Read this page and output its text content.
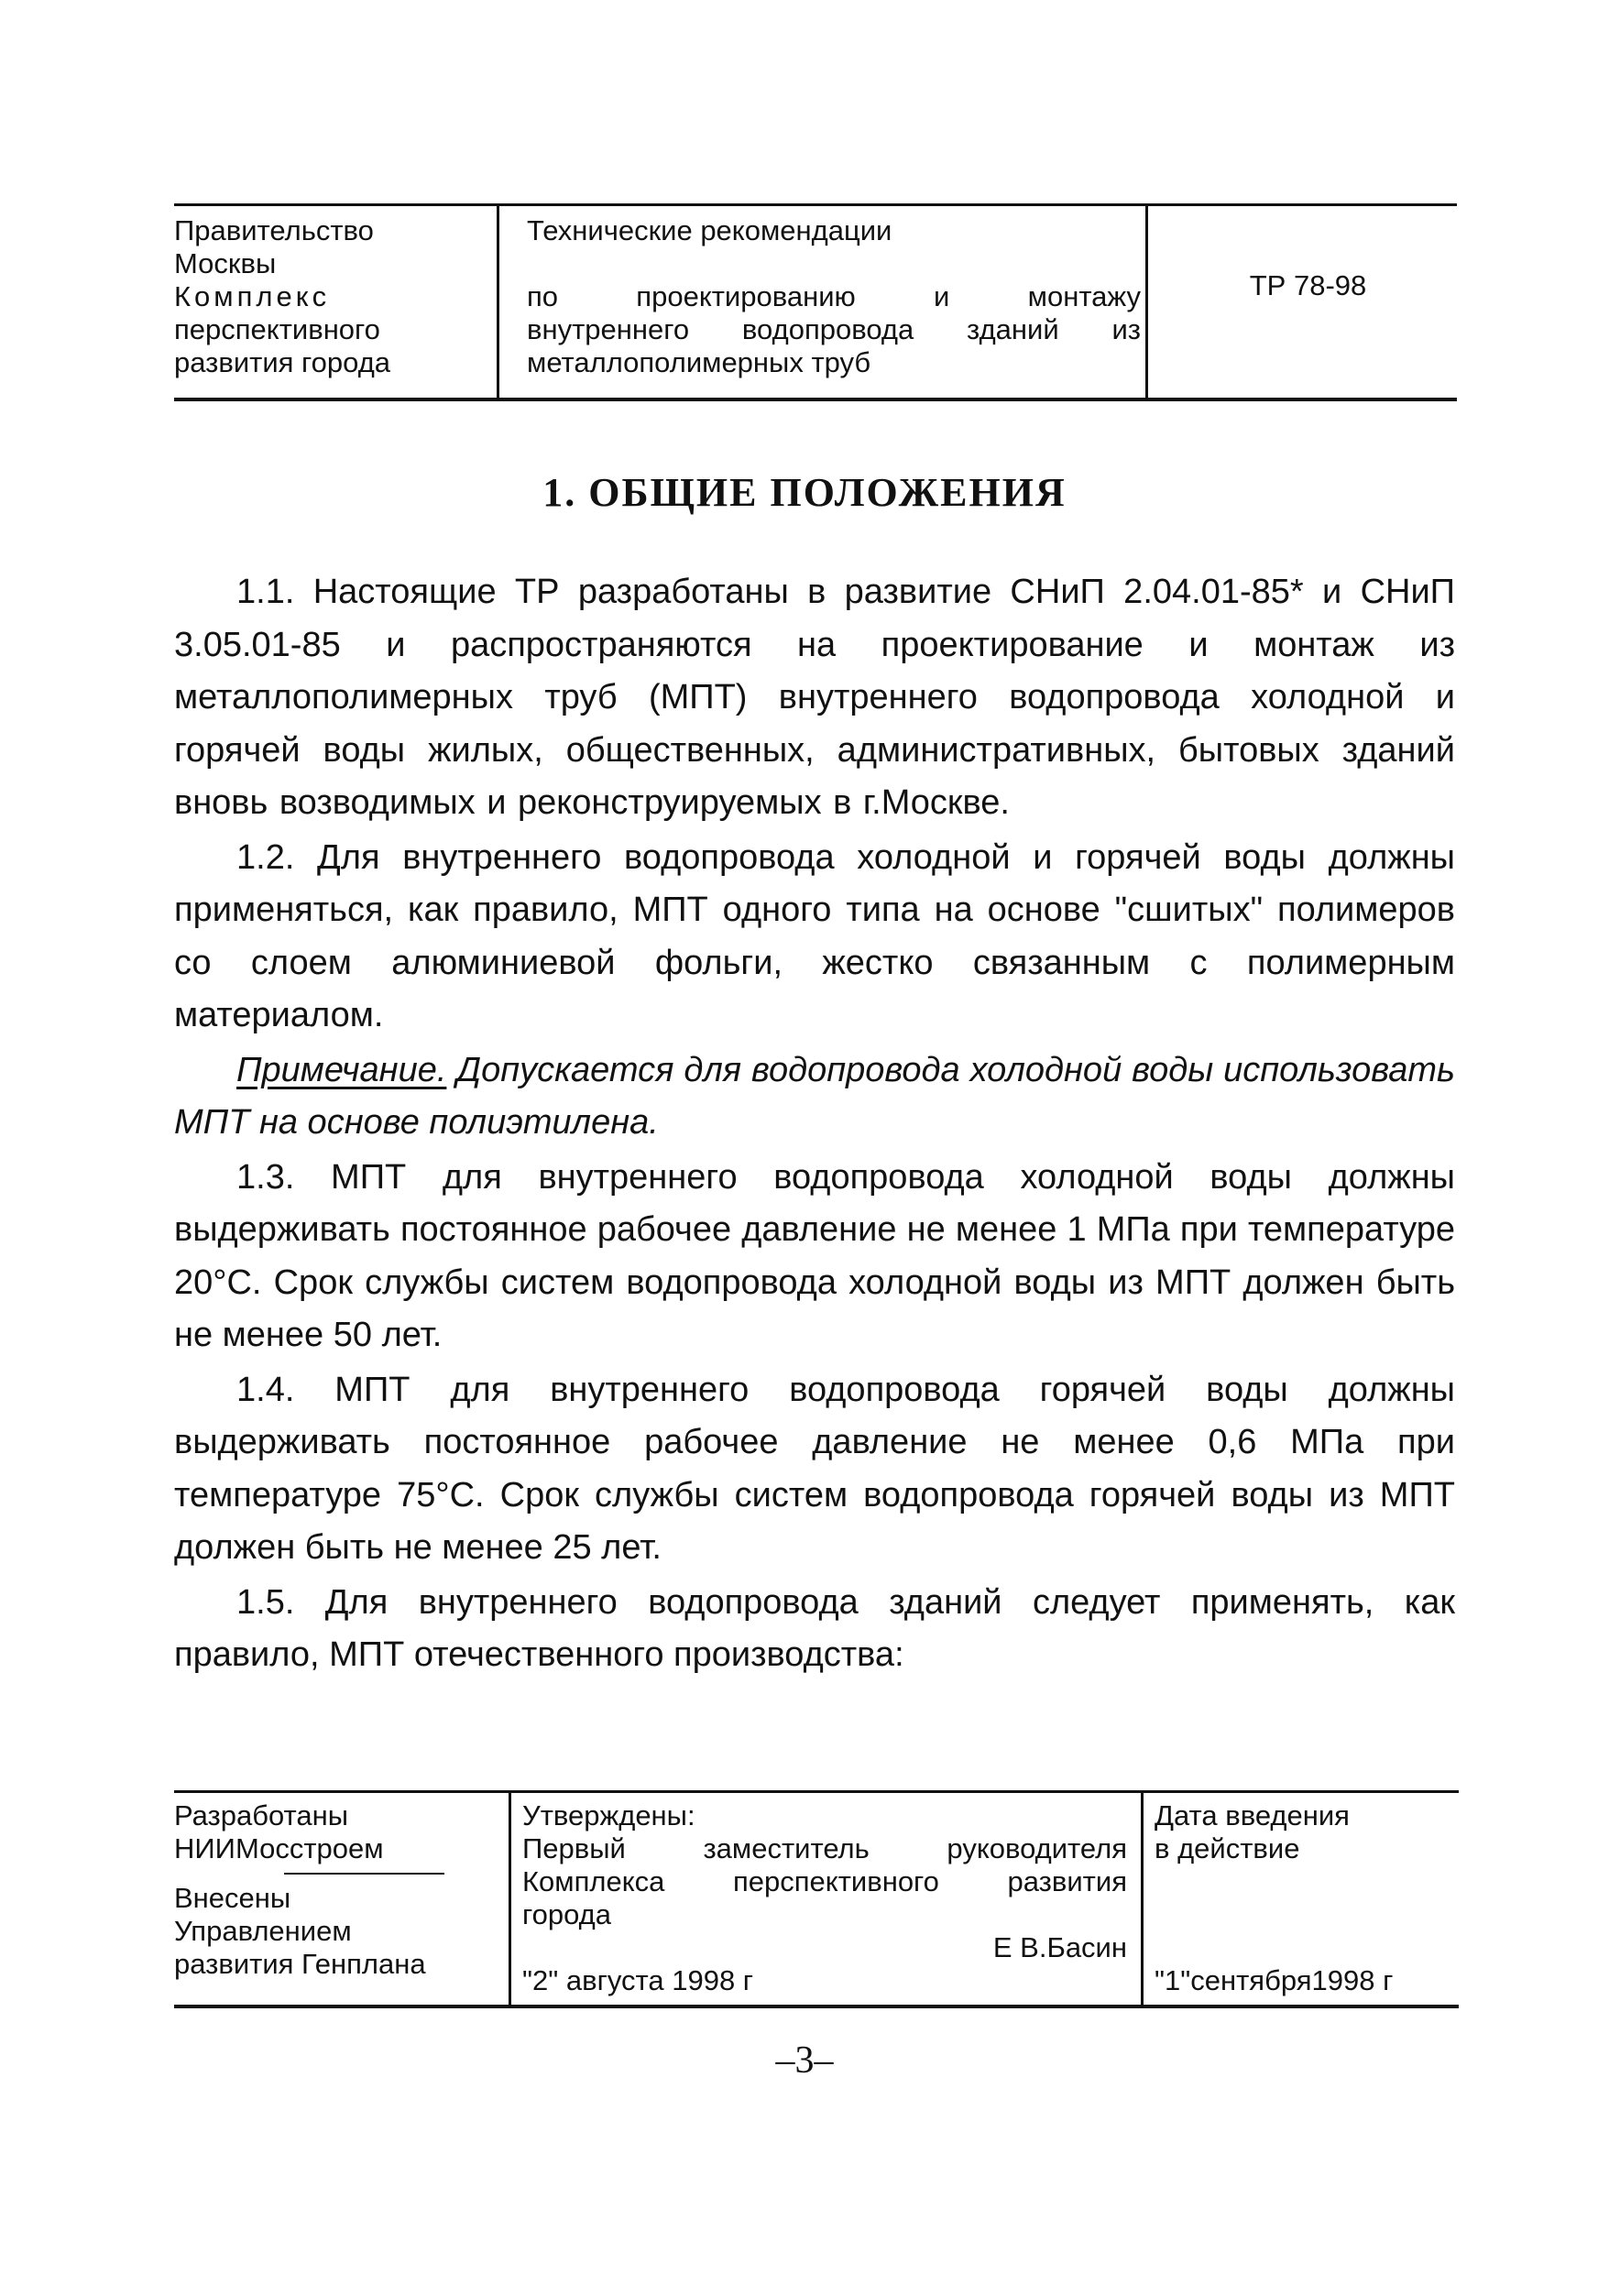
Правительство
Москвы
Комплекс
перспективного
развития города
Технические рекомендации
по проектированию и монтажу
внутреннего водопровода зданий из
металлополимерных труб
ТР 78-98
1. ОБЩИЕ ПОЛОЖЕНИЯ

1.1. Настоящие ТР разработаны в развитие СНиП 2.04.01-85* и СНиП 3.05.01-85 и распространяются на проектирование и монтаж из металлополимерных труб (МПТ) внутреннего водопровода холодной и горячей воды жилых, общественных, административных, бытовых зданий вновь возводимых и реконструируемых в г.Москве.

1.2. Для внутреннего водопровода холодной и горячей воды должны применяться, как правило, МПТ одного типа на основе "сшитых" полимеров со слоем алюминиевой фольги, жестко связанным с полимерным материалом.

Примечание. Допускается для водопровода холодной воды использовать МПТ на основе полиэтилена.

1.3. МПТ для внутреннего водопровода холодной воды должны выдерживать постоянное рабочее давление не менее 1 МПа при температуре 20°С. Срок службы систем водопровода холодной воды из МПТ должен быть не менее 50 лет.

1.4. МПТ для внутреннего водопровода горячей воды должны выдерживать постоянное рабочее давление не менее 0,6 МПа при температуре 75°С. Срок службы систем водопровода горячей воды из МПТ должен быть не менее 25 лет.

1.5. Для внутреннего водопровода зданий следует применять, как правило, МПТ отечественного производства:

Разработаны
НИИМосстроем
Внесены
Управлением
развития Генплана
Утверждены:
Первый заместитель руководителя
Комплекса перспективного развития
города
Е В.Басин
"2" августа 1998 г
Дата введения
в действие
"1"сентября1998 г
–3–
